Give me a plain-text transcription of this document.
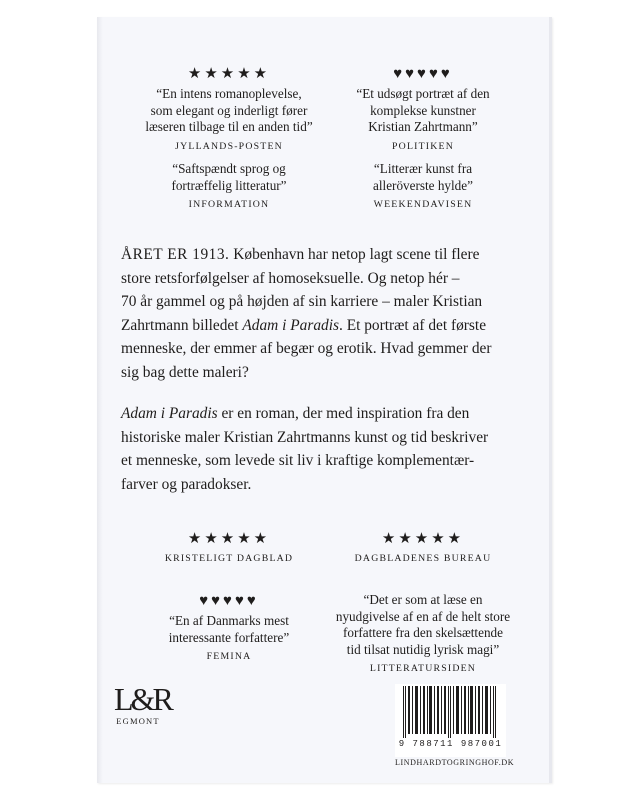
★★★★★
“En intens romanoplevelse,
som elegant og inderligt fører
læseren tilbage til en anden tid”
JYLLANDS-POSTEN
♥♥♥♥♥
“Et udsøgt portræt af den
komplekse kunstner
Kristian Zahrtmann”
POLITIKEN
“Saftspændt sprog og
fortræffelig litteratur”
INFORMATION
“Litterær kunst fra
alleröverste hylde”
WEEKENDAVISEN
ÅRET ER 1913. København har netop lagt scene til flere
store retsforfølgelser af homoseksuelle. Og netop hér –
70 år gammel og på højden af sin karriere – maler Kristian
Zahrtmann billedet Adam i Paradis. Et portræt af det første
menneske, der emmer af begær og erotik. Hvad gemmer der
sig bag dette maleri?
Adam i Paradis er en roman, der med inspiration fra den
historiske maler Kristian Zahrtmanns kunst og tid beskriver
et menneske, som levede sit liv i kraftige komplementær-
farver og paradokser.
★★★★★
KRISTELIGT DAGBLAD
★★★★★
DAGBLADENES BUREAU
♥♥♥♥♥
“En af Danmarks mest
interessante forfattere”
FEMINA
“Det er som at læse en
nyudgivelse af en af de helt store
forfattere fra den skelsættende
tid tilsat nutidig lyrisk magi”
LITTERATURSIDEN
L&R
EGMONT
9 788711 987001
LINDHARDTOGRINGHOF.DK
